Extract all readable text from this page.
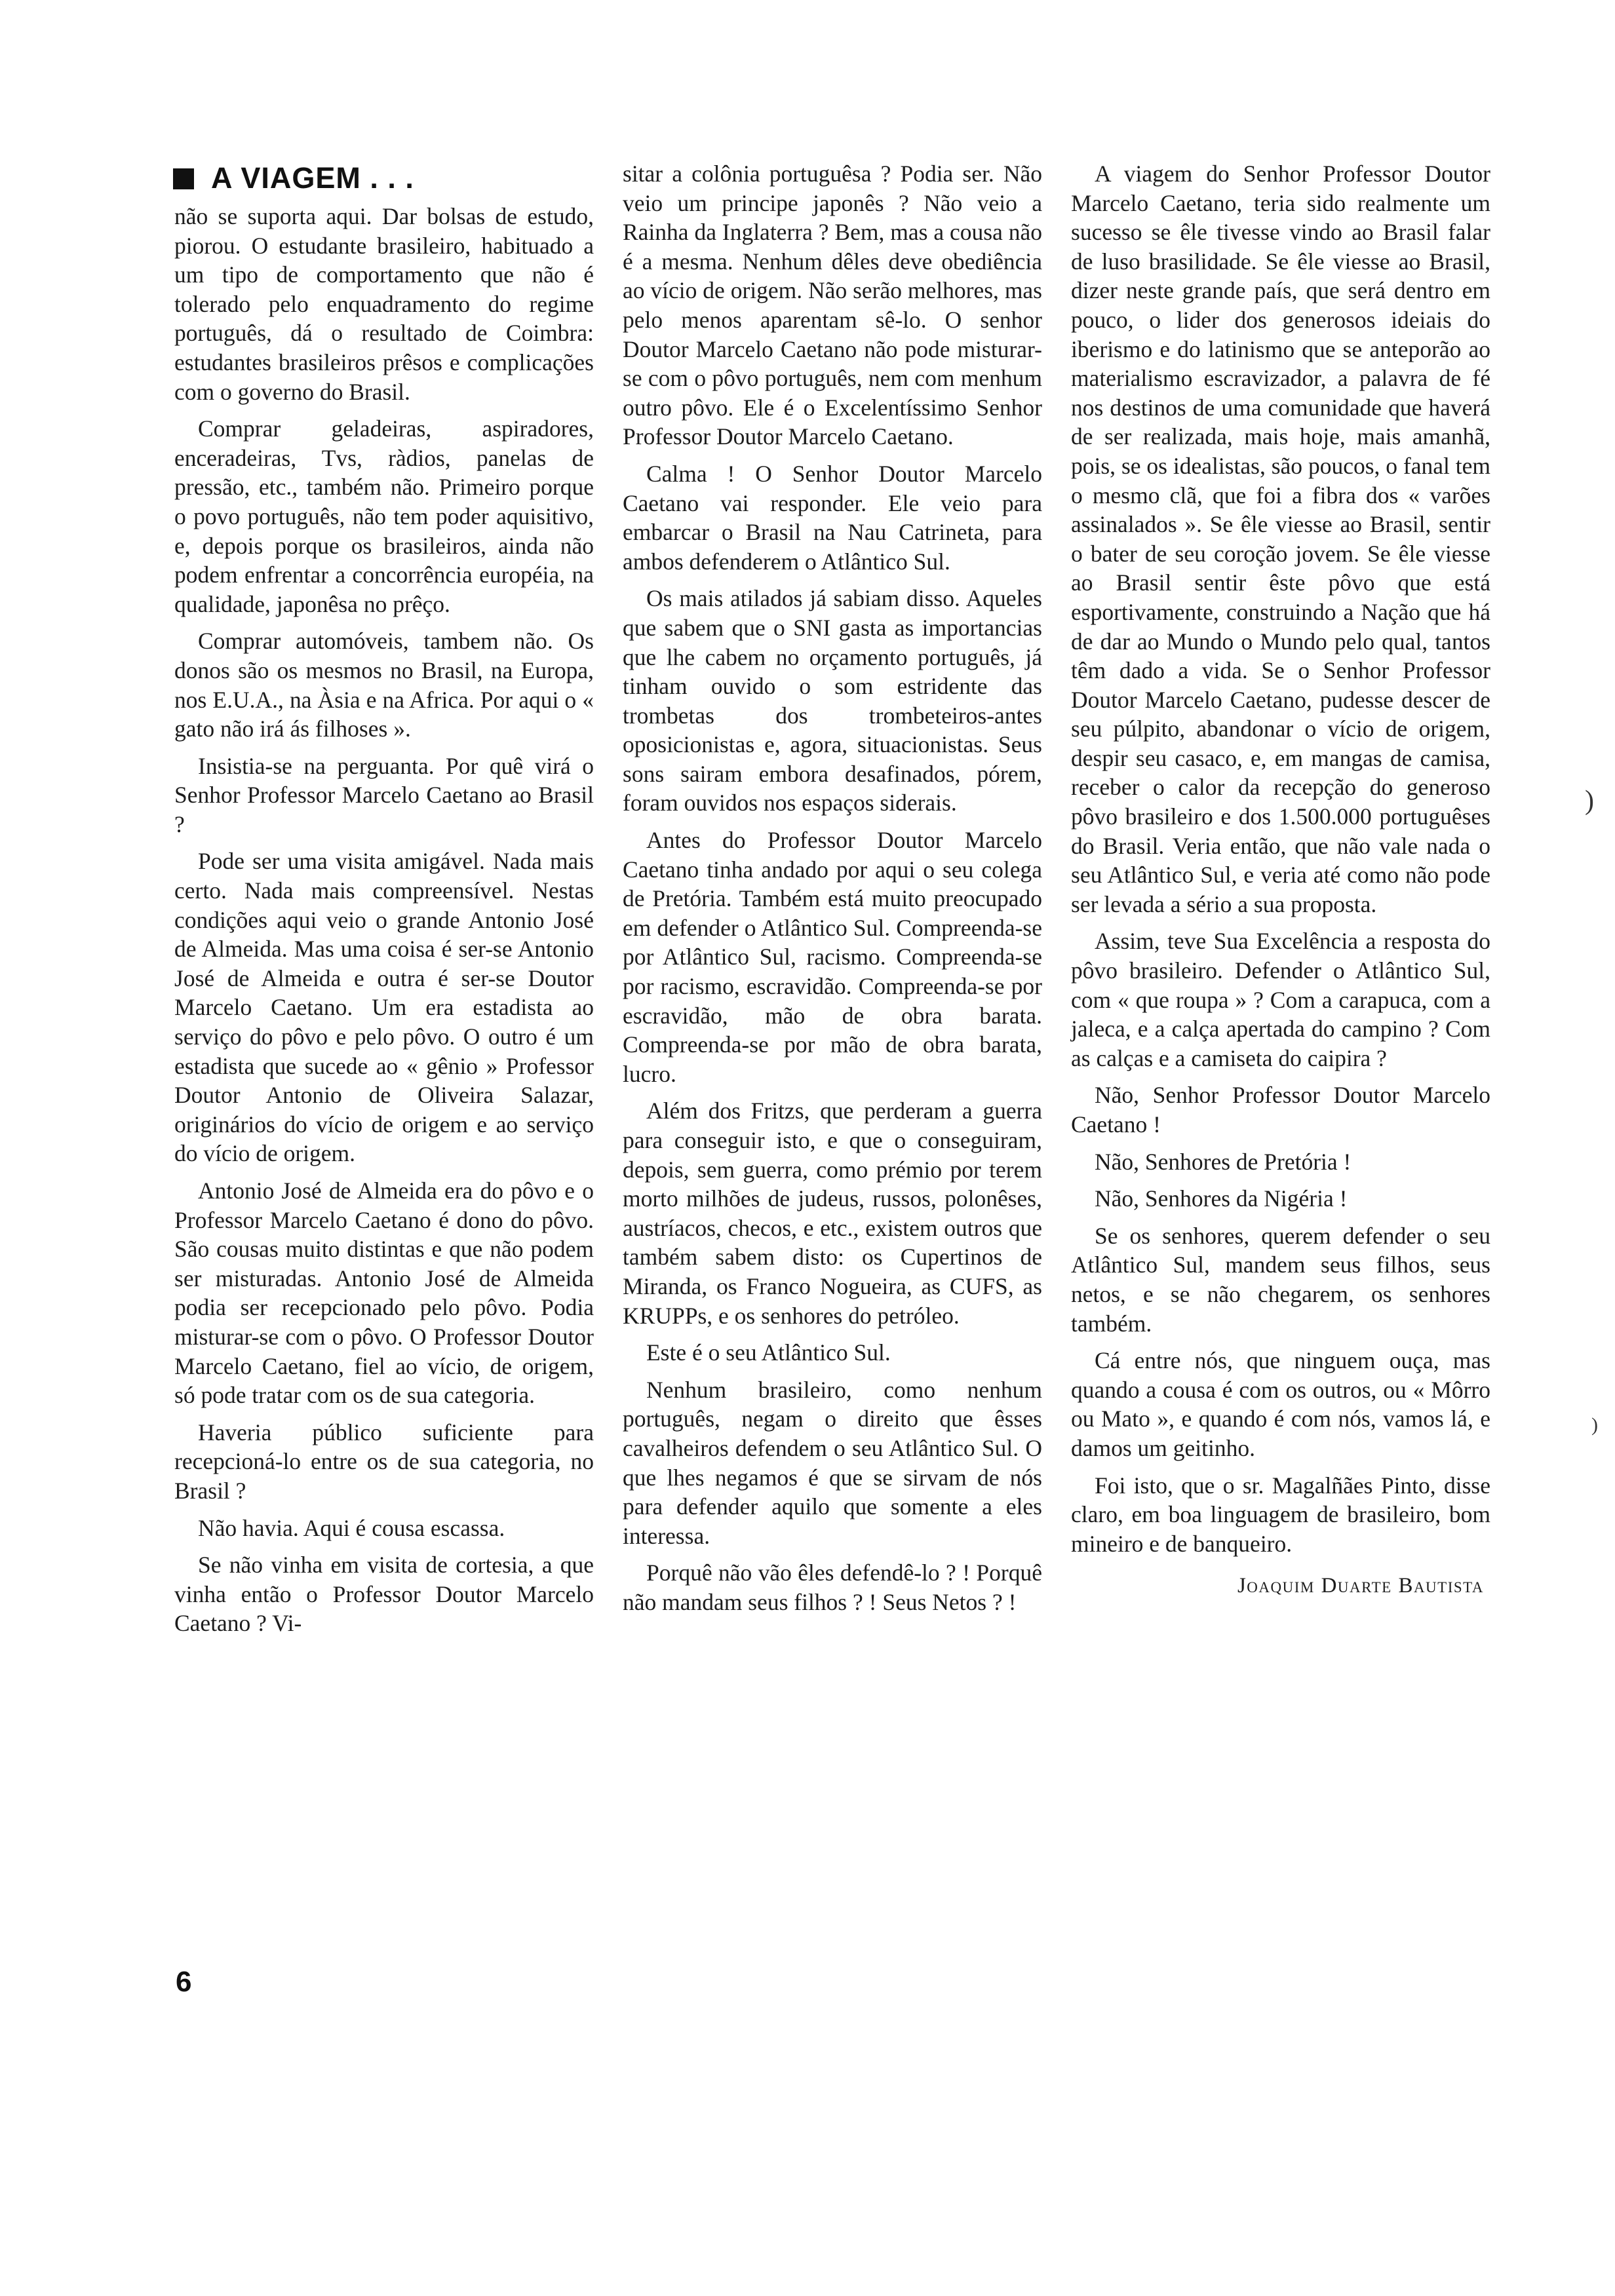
A VIAGEM . . .

não se suporta aqui. Dar bolsas de estudo, piorou. O estudante brasileiro, habituado a um tipo de comportamento que não é tolerado pelo enquadramento do regime português, dá o resultado de Coimbra: estudantes brasileiros prêsos e complicações com o governo do Brasil.

Comprar geladeiras, aspiradores, enceradeiras, Tvs, ràdios, panelas de pressão, etc., também não. Primeiro porque o povo português, não tem poder aquisitivo, e, depois porque os brasileiros, ainda não podem enfrentar a concorrência européia, na qualidade, japonêsa no prêço.

Comprar automóveis, tambem não. Os donos são os mesmos no Brasil, na Europa, nos E.U.A., na Àsia e na Africa. Por aqui o « gato não irá ás filhoses ».

Insistia-se na perguanta. Por quê virá o Senhor Professor Marcelo Caetano ao Brasil ?

Pode ser uma visita amigável. Nada mais certo. Nada mais compreensível. Nestas condições aqui veio o grande Antonio José de Almeida. Mas uma coisa é ser-se Antonio José de Almeida e outra é ser-se Doutor Marcelo Caetano. Um era estadista ao serviço do pôvo e pelo pôvo. O outro é um estadista que sucede ao « gênio » Professor Doutor Antonio de Oliveira Salazar, originários do vício de origem e ao serviço do vício de origem.

Antonio José de Almeida era do pôvo e o Professor Marcelo Caetano é dono do pôvo. São cousas muito distintas e que não podem ser misturadas. Antonio José de Almeida podia ser recepcionado pelo pôvo. Podia misturar-se com o pôvo. O Professor Doutor Marcelo Caetano, fiel ao vício, de origem, só pode tratar com os de sua categoria.

Haveria público suficiente para recepcioná-lo entre os de sua categoria, no Brasil ?

Não havia. Aqui é cousa escassa.

Se não vinha em visita de cortesia, a que vinha então o Professor Doutor Marcelo Caetano ? Vi-

sitar a colônia portuguêsa ? Podia ser. Não veio um principe japonês ? Não veio a Rainha da Inglaterra ? Bem, mas a cousa não é a mesma. Nenhum dêles deve obediência ao vício de origem. Não serão melhores, mas pelo menos aparentam sê-lo. O senhor Doutor Marcelo Caetano não pode misturar-se com o pôvo português, nem com menhum outro pôvo. Ele é o Excelentíssimo Senhor Professor Doutor Marcelo Caetano.

Calma ! O Senhor Doutor Marcelo Caetano vai responder. Ele veio para embarcar o Brasil na Nau Catrineta, para ambos defenderem o Atlântico Sul.

Os mais atilados já sabiam disso. Aqueles que sabem que o SNI gasta as importancias que lhe cabem no orçamento português, já tinham ouvido o som estridente das trombetas dos trombeteiros-antes oposicionistas e, agora, situacionistas. Seus sons sairam embora desafinados, pórem, foram ouvidos nos espaços siderais.

Antes do Professor Doutor Marcelo Caetano tinha andado por aqui o seu colega de Pretória. Também está muito preocupado em defender o Atlântico Sul. Compreenda-se por Atlântico Sul, racismo. Compreenda-se por racismo, escravidão. Compreenda-se por escravidão, mão de obra barata. Compreenda-se por mão de obra barata, lucro.

Além dos Fritzs, que perderam a guerra para conseguir isto, e que o conseguiram, depois, sem guerra, como prémio por terem morto milhões de judeus, russos, polonêses, austríacos, checos, e etc., existem outros que também sabem disto: os Cupertinos de Miranda, os Franco Nogueira, as CUFS, as KRUPPs, e os senhores do petróleo.

Este é o seu Atlântico Sul.

Nenhum brasileiro, como nenhum português, negam o direito que êsses cavalheiros defendem o seu Atlântico Sul. O que lhes negamos é que se sirvam de nós para defender aquilo que somente a eles interessa.

Porquê não vão êles defendê-lo ? ! Porquê não mandam seus filhos ? ! Seus Netos ? !

A viagem do Senhor Professor Doutor Marcelo Caetano, teria sido realmente um sucesso se êle tivesse vindo ao Brasil falar de luso brasilidade. Se êle viesse ao Brasil, dizer neste grande país, que será dentro em pouco, o lider dos generosos ideiais do iberismo e do latinismo que se anteporão ao materialismo escravizador, a palavra de fé nos destinos de uma comunidade que haverá de ser realizada, mais hoje, mais amanhã, pois, se os idealistas, são poucos, o fanal tem o mesmo clã, que foi a fibra dos « varões assinalados ». Se êle viesse ao Brasil, sentir o bater de seu coroção jovem. Se êle viesse ao Brasil sentir êste pôvo que está esportivamente, construindo a Nação que há de dar ao Mundo o Mundo pelo qual, tantos têm dado a vida. Se o Senhor Professor Doutor Marcelo Caetano, pudesse descer de seu púlpito, abandonar o vício de origem, despir seu casaco, e, em mangas de camisa, receber o calor da recepção do generoso pôvo brasileiro e dos 1.500.000 portuguêses do Brasil. Veria então, que não vale nada o seu Atlântico Sul, e veria até como não pode ser levada a sério a sua proposta.

Assim, teve Sua Excelência a resposta do pôvo brasileiro. Defender o Atlântico Sul, com « que roupa » ? Com a carapuca, com a jaleca, e a calça apertada do campino ? Com as calças e a camiseta do caipira ?

Não, Senhor Professor Doutor Marcelo Caetano !

Não, Senhores de Pretória !

Não, Senhores da Nigéria !

Se os senhores, querem defender o seu Atlântico Sul, mandem seus filhos, seus netos, e se não chegarem, os senhores também.

Cá entre nós, que ninguem ouça, mas quando a cousa é com os outros, ou « Môrro ou Mato », e quando é com nós, vamos lá, e damos um geitinho.

Foi isto, que o sr. Magalñães Pinto, disse claro, em boa linguagem de brasileiro, bom mineiro e de banqueiro.

Joaquim Duarte Bautista
6
)
)
